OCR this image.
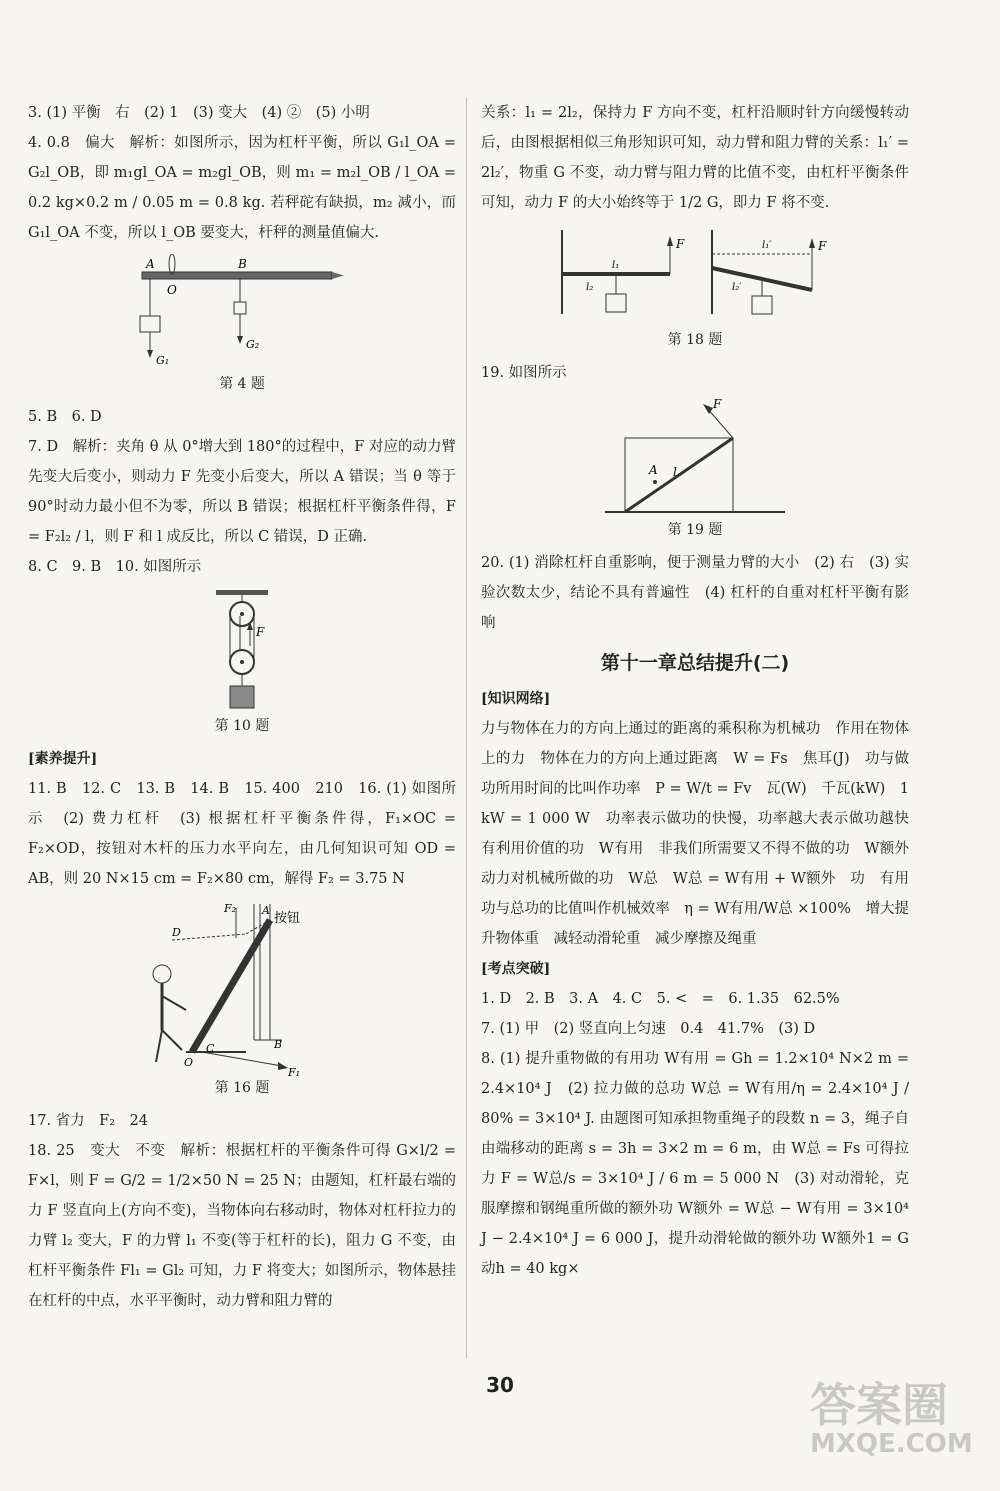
3. (1) 平衡　右　(2) 1　(3) 变大　(4) ②　(5) 小明

4. 0.8　偏大　解析：如图所示，因为杠杆平衡，所以 G₁l_OA = G₂l_OB，即 m₁gl_OA = m₂gl_OB，则 m₁ = m₂l_OB / l_OA = 0.2 kg×0.2 m / 0.05 m = 0.8 kg. 若秤砣有缺损，m₂ 减小，而 G₁l_OA 不变，所以 l_OB 要变大，杆秤的测量值偏大.

A	B
O
G₁
G₂
第 4 题

5. B　6. D

7. D　解析：夹角 θ 从 0°增大到 180°的过程中，F 对应的动力臂先变大后变小，则动力 F 先变小后变大，所以 A 错误；当 θ 等于 90°时动力最小但不为零，所以 B 错误；根据杠杆平衡条件得，F = F₂l₂ / l，则 F 和 l 成反比，所以 C 错误，D 正确.

8. C　9. B　10. 如图所示

F
第 10 题

[素养提升]

11. B　12. C　13. B　14. B　15. 400　210　16. (1) 如图所示　(2) 费力杠杆　(3) 根据杠杆平衡条件得，F₁×OC = F₂×OD，按钮对木杆的压力水平向左，由几何知识可知 OD = AB，则 20 N×15 cm = F₂×80 cm，解得 F₂ = 3.75 N

按钮
A
B
C
D
O
F₁
F₂
第 16 题

17. 省力　F₂　24

18. 25　变大　不变　解析：根据杠杆的平衡条件可得 G×l/2 = F×l，则 F = G/2 = 1/2×50 N = 25 N；由题知，杠杆最右端的力 F 竖直向上(方向不变)，当物体向右移动时，物体对杠杆拉力的力臂 l₂ 变大，F 的力臂 l₁ 不变(等于杠杆的长)，阻力 G 不变，由杠杆平衡条件 Fl₁ = Gl₂ 可知，力 F 将变大；如图所示，物体悬挂在杠杆的中点，水平平衡时，动力臂和阻力臂的

关系：l₁ = 2l₂，保持力 F 方向不变，杠杆沿顺时针方向缓慢转动后，由图根据相似三角形知识可知，动力臂和阻力臂的关系：l₁′ = 2l₂′，物重 G 不变，动力臂与阻力臂的比值不变，由杠杆平衡条件可知，动力 F 的大小始终等于 1/2 G，即力 F 将不变.

F
l₁
l₂
F
l₁′
l₂′
第 18 题

19. 如图所示

F
A l
第 19 题

20. (1) 消除杠杆自重影响，便于测量力臂的大小　(2) 右　(3) 实验次数太少，结论不具有普遍性　(4) 杠杆的自重对杠杆平衡有影响

第十一章总结提升(二)

[知识网络]

力与物体在力的方向上通过的距离的乘积称为机械功　作用在物体上的力　物体在力的方向上通过距离　W = Fs　焦耳(J)　功与做功所用时间的比叫作功率　P = W/t = Fv　瓦(W)　千瓦(kW)　1 kW = 1 000 W　功率表示做功的快慢，功率越大表示做功越快　有利用价值的功　W有用　非我们所需要又不得不做的功　W额外　动力对机械所做的功　W总　W总 = W有用 + W额外　功　有用功与总功的比值叫作机械效率　η = W有用/W总 ×100%　增大提升物体重　减轻动滑轮重　减少摩擦及绳重

[考点突破]

1. D　2. B　3. A　4. C　5. <　=　6. 1.35　62.5%

7. (1) 甲　(2) 竖直向上匀速　0.4　41.7%　(3) D

8. (1) 提升重物做的有用功 W有用 = Gh = 1.2×10⁴ N×2 m = 2.4×10⁴ J　(2) 拉力做的总功 W总 = W有用/η = 2.4×10⁴ J / 80% = 3×10⁴ J. 由题图可知承担物重绳子的段数 n = 3，绳子自由端移动的距离 s = 3h = 3×2 m = 6 m，由 W总 = Fs 可得拉力 F = W总/s = 3×10⁴ J / 6 m = 5 000 N　(3) 对动滑轮，克服摩擦和钢绳重所做的额外功 W额外 = W总 − W有用 = 3×10⁴ J − 2.4×10⁴ J = 6 000 J，提升动滑轮做的额外功 W额外1 = G动h = 40 kg×

30	答案圈
MXQE.COM
